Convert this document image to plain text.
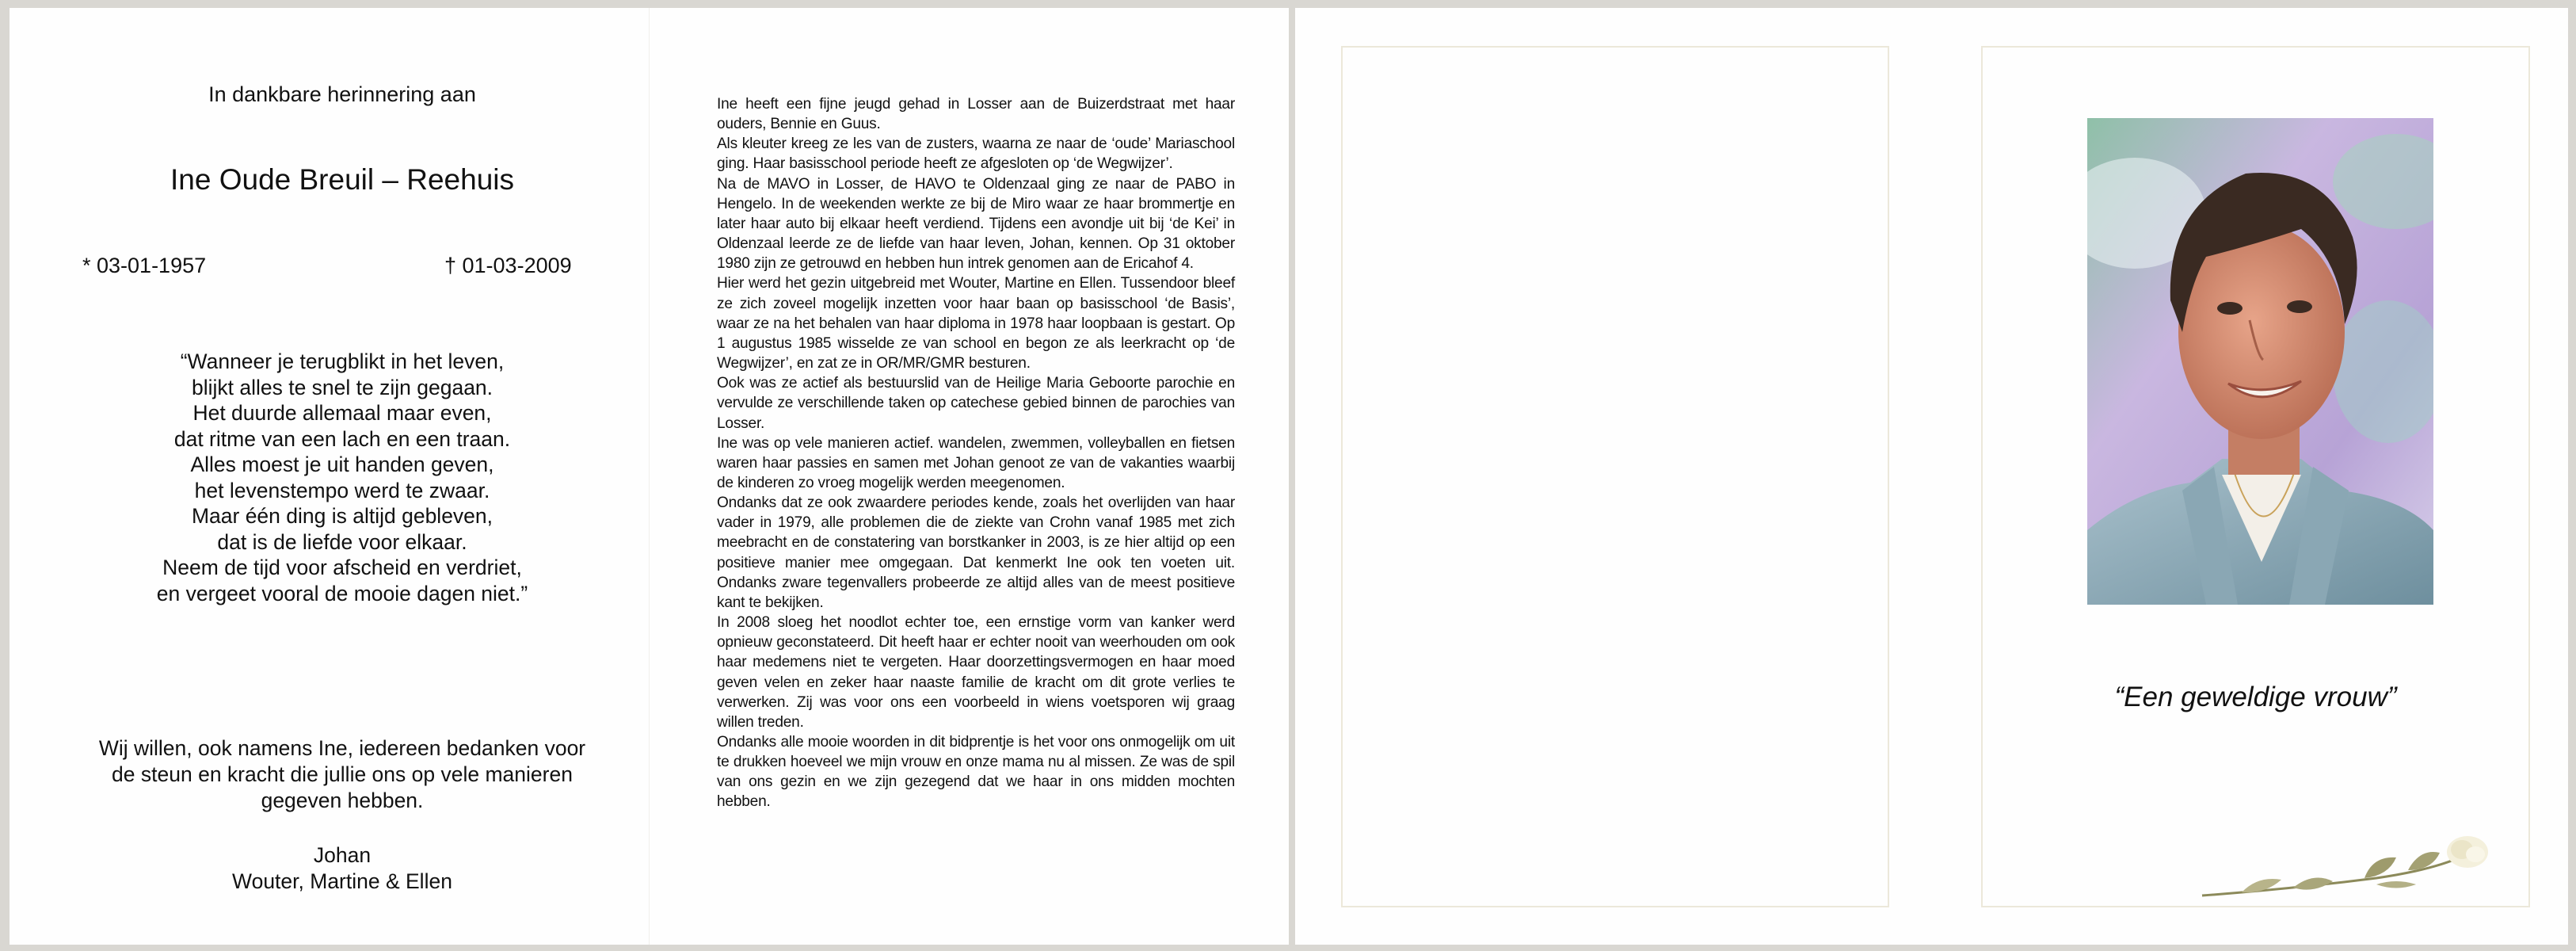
In dankbare herinnering aan
Ine Oude Breuil – Reehuis
* 03-01-1957	† 01-03-2009
“Wanneer je terugblikt in het leven,
blijkt alles te snel te zijn gegaan.
Het duurde allemaal maar even,
dat ritme van een lach en een traan.
Alles moest je uit handen geven,
het levenstempo werd te zwaar.
Maar één ding is altijd gebleven,
dat is de liefde voor elkaar.
Neem de tijd voor afscheid en verdriet,
en vergeet vooral de mooie dagen niet.”
Wij willen, ook namens Ine, iedereen bedanken voor
de steun en kracht die jullie ons op vele manieren
gegeven hebben.
Johan
Wouter, Martine & Ellen

Ine heeft een fijne jeugd gehad in Losser aan de Buizerdstraat met haar ouders, Bennie en Guus.

Als kleuter kreeg ze les van de zusters, waarna ze naar de ‘oude’ Mariaschool ging. Haar basisschool periode heeft ze afgesloten op ‘de Wegwijzer’.

Na de MAVO in Losser, de HAVO te Oldenzaal ging ze naar de PABO in Hengelo. In de weekenden werkte ze bij de Miro waar ze haar brommertje en later haar auto bij elkaar heeft verdiend. Tijdens een avondje uit bij ‘de Kei’ in Oldenzaal leerde ze de liefde van haar leven, Johan, kennen. Op 31 oktober 1980 zijn ze getrouwd en hebben hun intrek genomen aan de Ericahof 4.

Hier werd het gezin uitgebreid met Wouter, Martine en Ellen. Tussendoor bleef ze zich zoveel mogelijk inzetten voor haar baan op basisschool ‘de Basis’, waar ze na het behalen van haar diploma in 1978 haar loopbaan is gestart. Op 1 augustus 1985 wisselde ze van school en begon ze als leerkracht op ‘de Wegwijzer’, en zat ze in OR/MR/GMR besturen.

Ook was ze actief als bestuurslid van de Heilige Maria Geboorte parochie en vervulde ze verschillende taken op catechese gebied binnen de parochies van Losser.

Ine was op vele manieren actief. wandelen, zwemmen, volleyballen en fietsen waren haar passies en samen met Johan genoot ze van de vakanties waarbij de kinderen zo vroeg mogelijk werden meegenomen.

Ondanks dat ze ook zwaardere periodes kende, zoals het overlijden van haar vader in 1979, alle problemen die de ziekte van Crohn vanaf 1985 met zich meebracht en de constatering van borstkanker in 2003, is ze hier altijd op een positieve manier mee omgegaan. Dat kenmerkt Ine ook ten voeten uit. Ondanks zware tegenvallers probeerde ze altijd alles van de meest positieve kant te bekijken.

In 2008 sloeg het noodlot echter toe, een ernstige vorm van kanker werd opnieuw geconstateerd. Dit heeft haar er echter nooit van weerhouden om ook haar medemens niet te vergeten. Haar doorzettingsvermogen en haar moed geven velen en zeker haar naaste familie de kracht om dit grote verlies te verwerken. Zij was voor ons een voorbeeld in wiens voetsporen wij graag willen treden.

Ondanks alle mooie woorden in dit bidprentje is het voor ons onmogelijk om uit te drukken hoeveel we mijn vrouw en onze mama nu al missen. Ze was de spil van ons gezin en we zijn gezegend dat we haar in ons midden mochten hebben.

“Een geweldige vrouw”
